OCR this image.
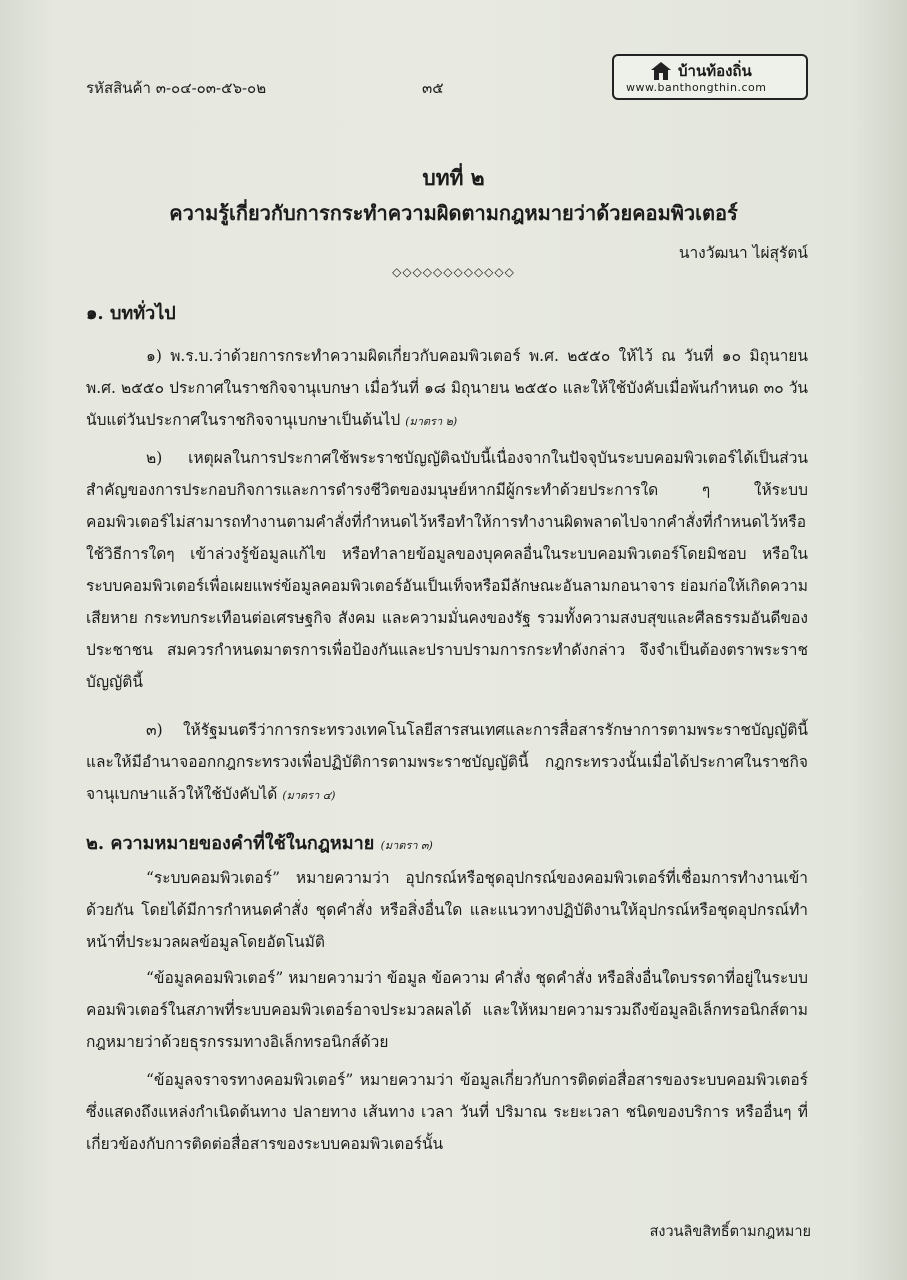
รหัสสินค้า ๓-๐๔-๐๓-๕๖-๐๒	๓๕
บ้านท้องถิ่น
www.banthongthin.com
บทที่ ๒
ความรู้เกี่ยวกับการกระทำความผิดตามกฎหมายว่าด้วยคอมพิวเตอร์
นางวัฒนา ไผ่สุรัตน์
◇◇◇◇◇◇◇◇◇◇◇◇
๑. บททั่วไป
๑) พ.ร.บ.ว่าด้วยการกระทำความผิดเกี่ยวกับคอมพิวเตอร์ พ.ศ. ๒๕๕๐ ให้ไว้ ณ วันที่ ๑๐ มิถุนายน พ.ศ. ๒๕๕๐ ประกาศในราชกิจจานุเบกษา เมื่อวันที่ ๑๘ มิถุนายน ๒๕๕๐ และให้ใช้บังคับเมื่อพ้นกำหนด ๓๐ วันนับแต่วันประกาศในราชกิจจานุเบกษาเป็นต้นไป (มาตรา ๒)
๒) เหตุผลในการประกาศใช้พระราชบัญญัติฉบับนี้เนื่องจากในปัจจุบันระบบคอมพิวเตอร์ได้เป็นส่วนสำคัญของการประกอบกิจการและการดำรงชีวิตของมนุษย์หากมีผู้กระทำด้วยประการใด ๆ ให้ระบบคอมพิวเตอร์ไม่สามารถทำงานตามคำสั่งที่กำหนดไว้หรือทำให้การทำงานผิดพลาดไปจากคำสั่งที่กำหนดไว้หรือใช้วิธีการใดๆ เข้าล่วงรู้ข้อมูลแก้ไข หรือทำลายข้อมูลของบุคคลอื่นในระบบคอมพิวเตอร์โดยมิชอบ หรือในระบบคอมพิวเตอร์เพื่อเผยแพร่ข้อมูลคอมพิวเตอร์อันเป็นเท็จหรือมีลักษณะอันลามกอนาจาร ย่อมก่อให้เกิดความเสียหาย กระทบกระเทือนต่อเศรษฐกิจ สังคม และความมั่นคงของรัฐ รวมทั้งความสงบสุขและศีลธรรมอันดีของประชาชน สมควรกำหนดมาตรการเพื่อป้องกันและปราบปรามการกระทำดังกล่าว จึงจำเป็นต้องตราพระราชบัญญัตินี้
๓) ให้รัฐมนตรีว่าการกระทรวงเทคโนโลยีสารสนเทศและการสื่อสารรักษาการตามพระราชบัญญัตินี้ และให้มีอำนาจออกกฎกระทรวงเพื่อปฏิบัติการตามพระราชบัญญัตินี้ กฎกระทรวงนั้นเมื่อได้ประกาศในราชกิจจานุเบกษาแล้วให้ใช้บังคับได้ (มาตรา ๔)
๒. ความหมายของคำที่ใช้ในกฎหมาย (มาตรา ๓)
“ระบบคอมพิวเตอร์” หมายความว่า อุปกรณ์หรือชุดอุปกรณ์ของคอมพิวเตอร์ที่เชื่อมการทำงานเข้าด้วยกัน โดยได้มีการกำหนดคำสั่ง ชุดคำสั่ง หรือสิ่งอื่นใด และแนวทางปฏิบัติงานให้อุปกรณ์หรือชุดอุปกรณ์ทำหน้าที่ประมวลผลข้อมูลโดยอัตโนมัติ
“ข้อมูลคอมพิวเตอร์” หมายความว่า ข้อมูล ข้อความ คำสั่ง ชุดคำสั่ง หรือสิ่งอื่นใดบรรดาที่อยู่ในระบบคอมพิวเตอร์ในสภาพที่ระบบคอมพิวเตอร์อาจประมวลผลได้ และให้หมายความรวมถึงข้อมูลอิเล็กทรอนิกส์ตามกฎหมายว่าด้วยธุรกรรมทางอิเล็กทรอนิกส์ด้วย
“ข้อมูลจราจรทางคอมพิวเตอร์” หมายความว่า ข้อมูลเกี่ยวกับการติดต่อสื่อสารของระบบคอมพิวเตอร์ ซึ่งแสดงถึงแหล่งกำเนิดต้นทาง ปลายทาง เส้นทาง เวลา วันที่ ปริมาณ ระยะเวลา ชนิดของบริการ หรืออื่นๆ ที่เกี่ยวข้องกับการติดต่อสื่อสารของระบบคอมพิวเตอร์นั้น
สงวนลิขสิทธิ์ตามกฎหมาย
